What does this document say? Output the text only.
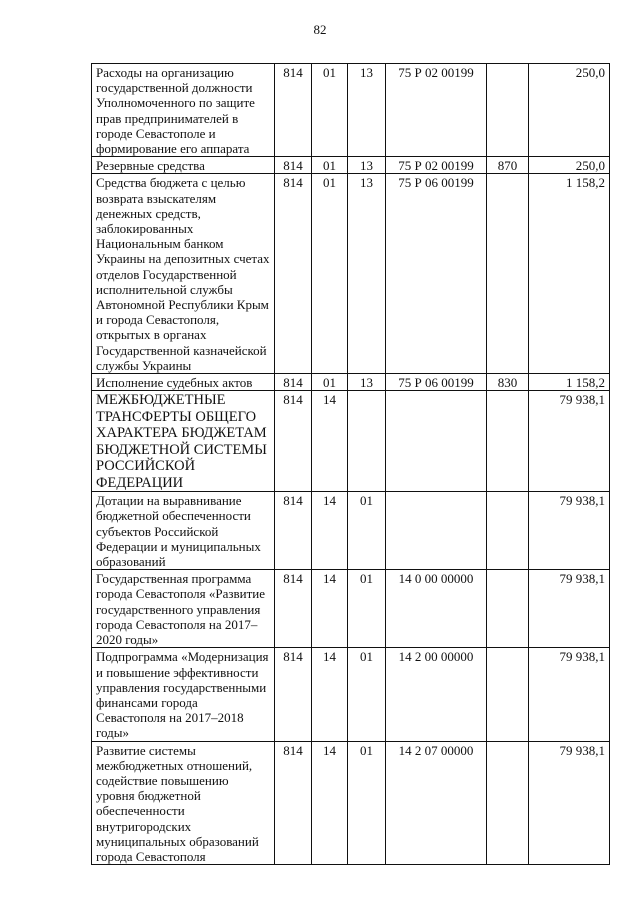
82
Расходы на организацию государственной должности Уполномоченного по защите прав предпринимателей в городе Севастополе и формирование его аппарата	814	01	13	75 Р 02 00199		250,0
Резервные средства	814	01	13	75 Р 02 00199	870	250,0
Средства бюджета с целью возврата взыскателям денежных средств, заблокированных Национальным банком Украины на депозитных счетах отделов Государственной исполнительной службы Автономной Республики Крым и города Севастополя, открытых в органах Государственной казначейской службы Украины	814	01	13	75 Р 06 00199		1 158,2
Исполнение судебных актов	814	01	13	75 Р 06 00199	830	1 158,2
МЕЖБЮДЖЕТНЫЕ ТРАНСФЕРТЫ ОБЩЕГО ХАРАКТЕРА БЮДЖЕТАМ БЮДЖЕТНОЙ СИСТЕМЫ РОССИЙСКОЙ ФЕДЕРАЦИИ	814	14				79 938,1
Дотации на выравнивание бюджетной обеспеченности субъектов Российской Федерации и муниципальных образований	814	14	01			79 938,1
Государственная программа города Севастополя «Развитие государственного управления города Севастополя на 2017–2020 годы»	814	14	01	14 0 00 00000		79 938,1
Подпрограмма «Модернизация и повышение эффективности управления государственными финансами города Севастополя на 2017–2018 годы»	814	14	01	14 2 00 00000		79 938,1
Развитие системы межбюджетных отношений, содействие повышению уровня бюджетной обеспеченности внутригородских муниципальных образований города Севастополя	814	14	01	14 2 07 00000		79 938,1
